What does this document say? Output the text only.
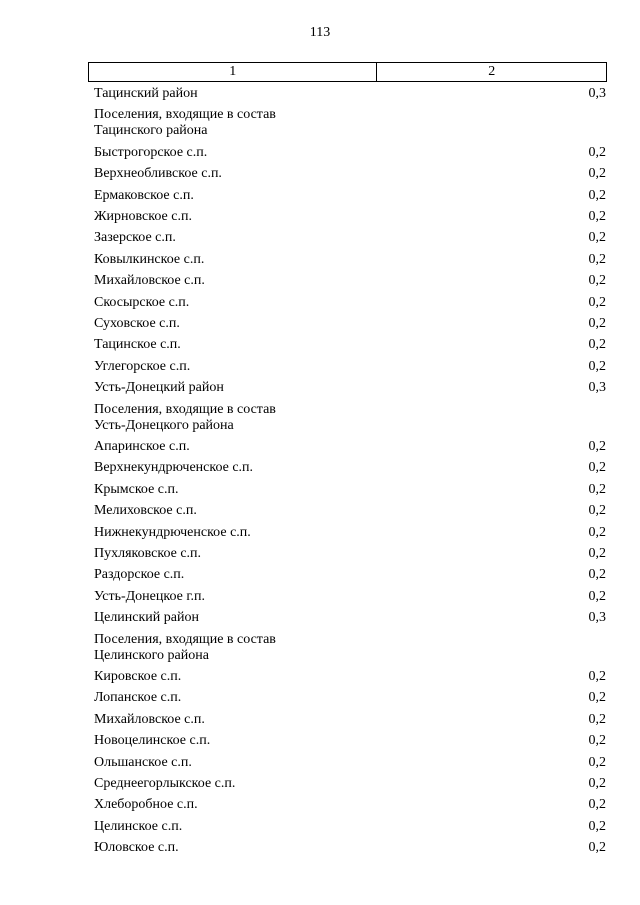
113
1	2
Тацинский район	0,3
Поселения, входящие в состав
Тацинского района
Быстрогорское с.п.	0,2
Верхнеобливское с.п.	0,2
Ермаковское с.п.	0,2
Жирновское с.п.	0,2
Зазерское с.п.	0,2
Ковылкинское с.п.	0,2
Михайловское с.п.	0,2
Скосырское с.п.	0,2
Суховское с.п.	0,2
Тацинское с.п.	0,2
Углегорское с.п.	0,2
Усть-Донецкий район	0,3
Поселения, входящие в состав
Усть-Донецкого района
Апаринское с.п.	0,2
Верхнекундрюченское с.п.	0,2
Крымское с.п.	0,2
Мелиховское с.п.	0,2
Нижнекундрюченское с.п.	0,2
Пухляковское с.п.	0,2
Раздорское с.п.	0,2
Усть-Донецкое г.п.	0,2
Целинский район	0,3
Поселения, входящие в состав
Целинского района
Кировское с.п.	0,2
Лопанское с.п.	0,2
Михайловское с.п.	0,2
Новоцелинское с.п.	0,2
Ольшанское с.п.	0,2
Среднеегорлыкское с.п.	0,2
Хлеборобное с.п.	0,2
Целинское с.п.	0,2
Юловское с.п.	0,2
